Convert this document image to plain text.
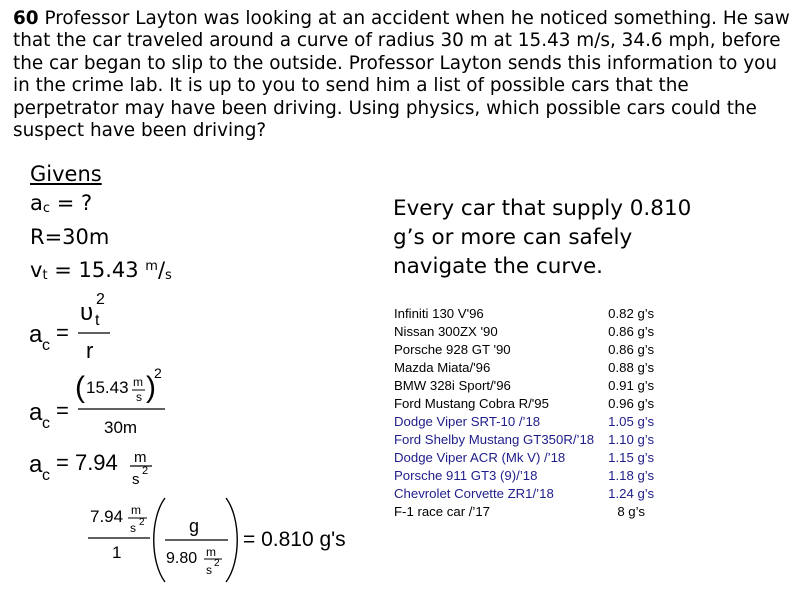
60 Professor Layton was looking at an accident when he noticed something. He saw that the car traveled around a curve of radius 30 m at 15.43 m/s, 34.6 mph, before the car began to slip to the outside. Professor Layton sends this information to you in the crime lab. It is up to you to send him a list of possible cars that the perpetrator may have been driving. Using physics, which possible cars could the suspect have been driving?

Givens
$a_c$ = ?
R=30m
$v_t = 15.43$ $^m/_s$
Every car that supply 0.810 g’s or more can safely navigate the curve.
a c
=
υ 2
t
r
a c
=
( 15.43 m
s )
2
30m
a c
= 7.94 m
s 2
7.94 m
s 2
1
g
9.80 m
s 2
= 0.810 g's
Infiniti 130 V'96	0.82 g’s
Nissan 300ZX '90	0.86 g’s
Porsche 928 GT '90	0.86 g’s
Mazda Miata/'96	0.88 g’s
BMW 328i Sport/'96	0.91 g’s
Ford Mustang Cobra R/'95	0.96 g’s
Dodge Viper SRT-10 /’18	1.05 g’s
Ford Shelby Mustang GT350R/’18	1.10 g’s
Dodge Viper ACR (Mk V) /’18	1.15 g’s
Porsche 911 GT3 (9)/’18	1.18 g’s
Chevrolet Corvette ZR1/’18	1.24 g’s
F-1 race car /’17	8 g’s
